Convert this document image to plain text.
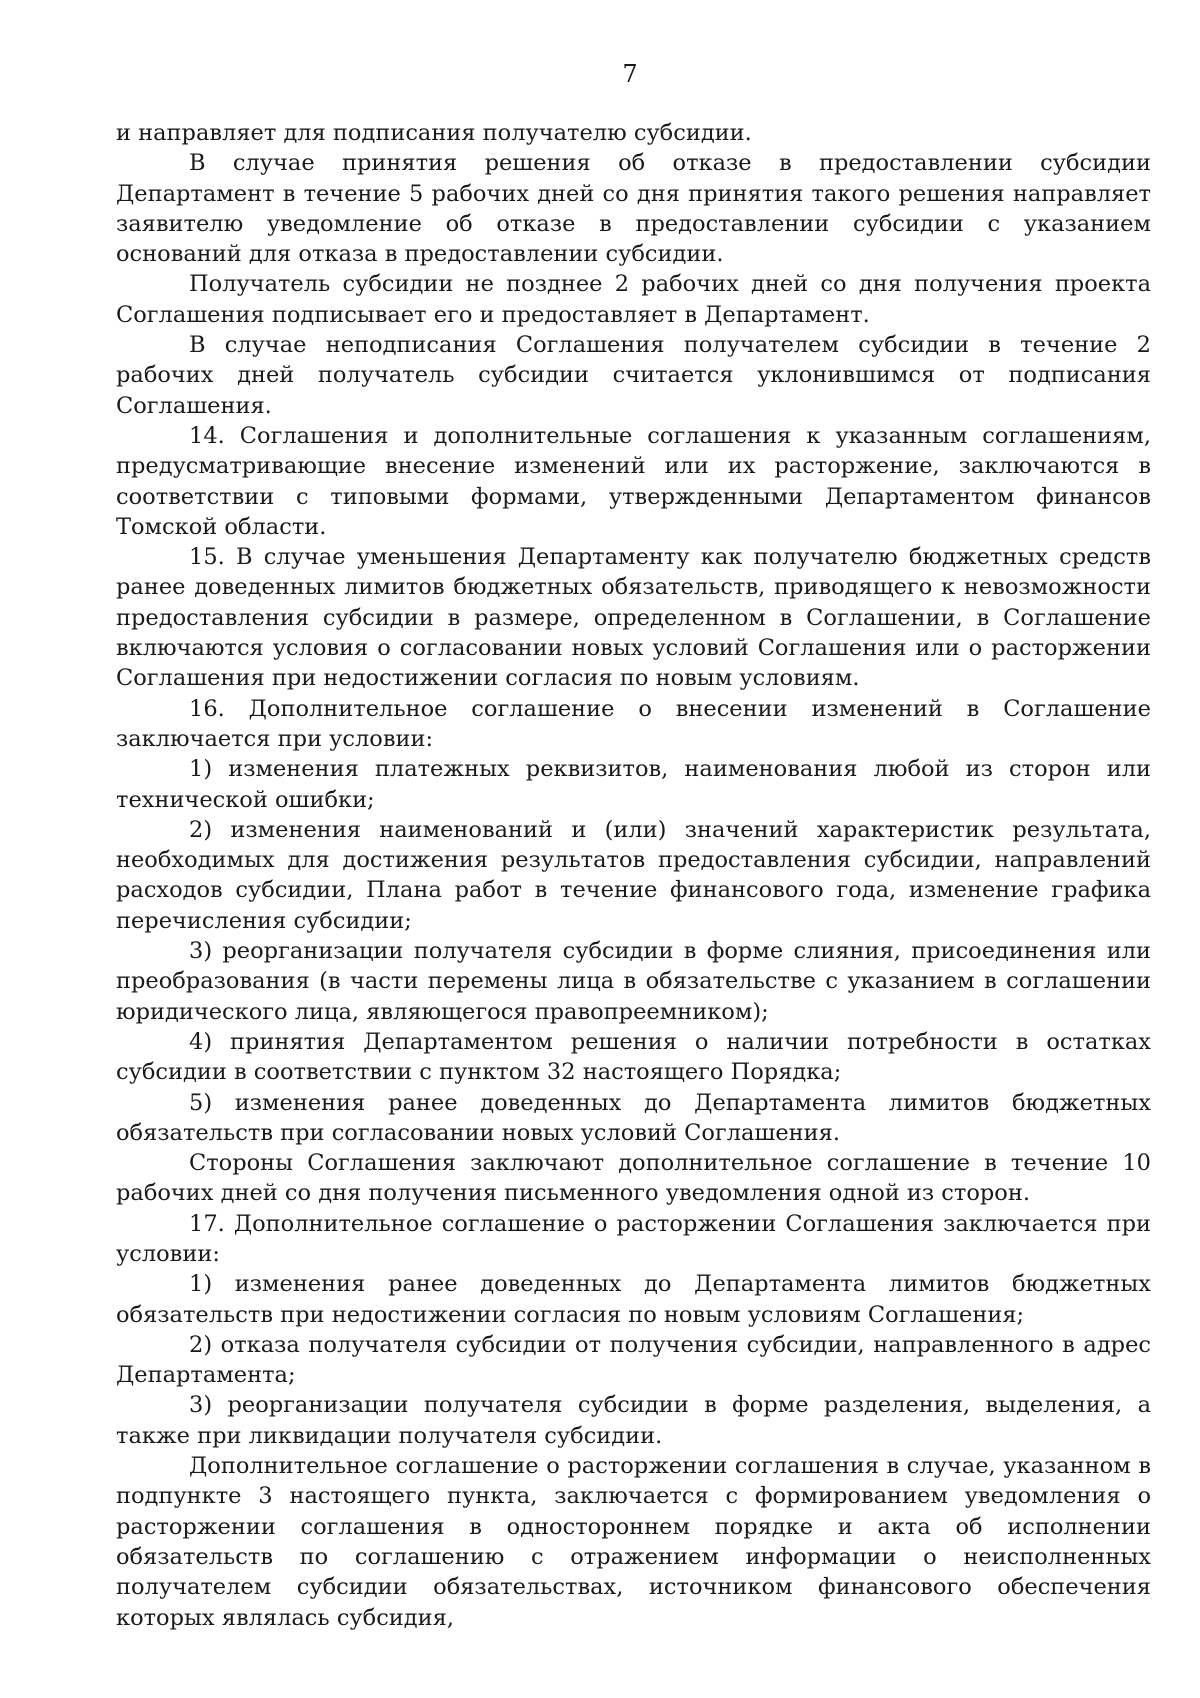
7

и направляет для подписания получателю субсидии.

В случае принятия решения об отказе в предоставлении субсидии Департамент в течение 5 рабочих дней со дня принятия такого решения направляет заявителю уведомление об отказе в предоставлении субсидии с указанием оснований для отказа в предоставлении субсидии.

Получатель субсидии не позднее 2 рабочих дней со дня получения проекта Соглашения подписывает его и предоставляет в Департамент.

В случае неподписания Соглашения получателем субсидии в течение 2 рабочих дней получатель субсидии считается уклонившимся от подписания Соглашения.

14. Соглашения и дополнительные соглашения к указанным соглашениям, предусматривающие внесение изменений или их расторжение, заключаются в соответствии с типовыми формами, утвержденными Департаментом финансов Томской области.

15. В случае уменьшения Департаменту как получателю бюджетных средств ранее доведенных лимитов бюджетных обязательств, приводящего к невозможности предоставления субсидии в размере, определенном в Соглашении, в Соглашение включаются условия о согласовании новых условий Соглашения или о расторжении Соглашения при недостижении согласия по новым условиям.

16. Дополнительное соглашение о внесении изменений в Соглашение заключается при условии:

1) изменения платежных реквизитов, наименования любой из сторон или технической ошибки;

2) изменения наименований и (или) значений характеристик результата, необходимых для достижения результатов предоставления субсидии, направлений расходов субсидии, Плана работ в течение финансового года, изменение графика перечисления субсидии;

3) реорганизации получателя субсидии в форме слияния, присоединения или преобразования (в части перемены лица в обязательстве с указанием в соглашении юридического лица, являющегося правопреемником);

4) принятия Департаментом решения о наличии потребности в остатках субсидии в соответствии с пунктом 32 настоящего Порядка;

5) изменения ранее доведенных до Департамента лимитов бюджетных обязательств при согласовании новых условий Соглашения.

Стороны Соглашения заключают дополнительное соглашение в течение 10 рабочих дней со дня получения письменного уведомления одной из сторон.

17. Дополнительное соглашение о расторжении Соглашения заключается при условии:

1) изменения ранее доведенных до Департамента лимитов бюджетных обязательств при недостижении согласия по новым условиям Соглашения;

2) отказа получателя субсидии от получения субсидии, направленного в адрес Департамента;

3) реорганизации получателя субсидии в форме разделения, выделения, а также при ликвидации получателя субсидии.

Дополнительное соглашение о расторжении соглашения в случае, указанном в подпункте 3 настоящего пункта, заключается с формированием уведомления о расторжении соглашения в одностороннем порядке и акта об исполнении обязательств по соглашению с отражением информации о неисполненных получателем субсидии обязательствах, источником финансового обеспечения которых являлась субсидия,
